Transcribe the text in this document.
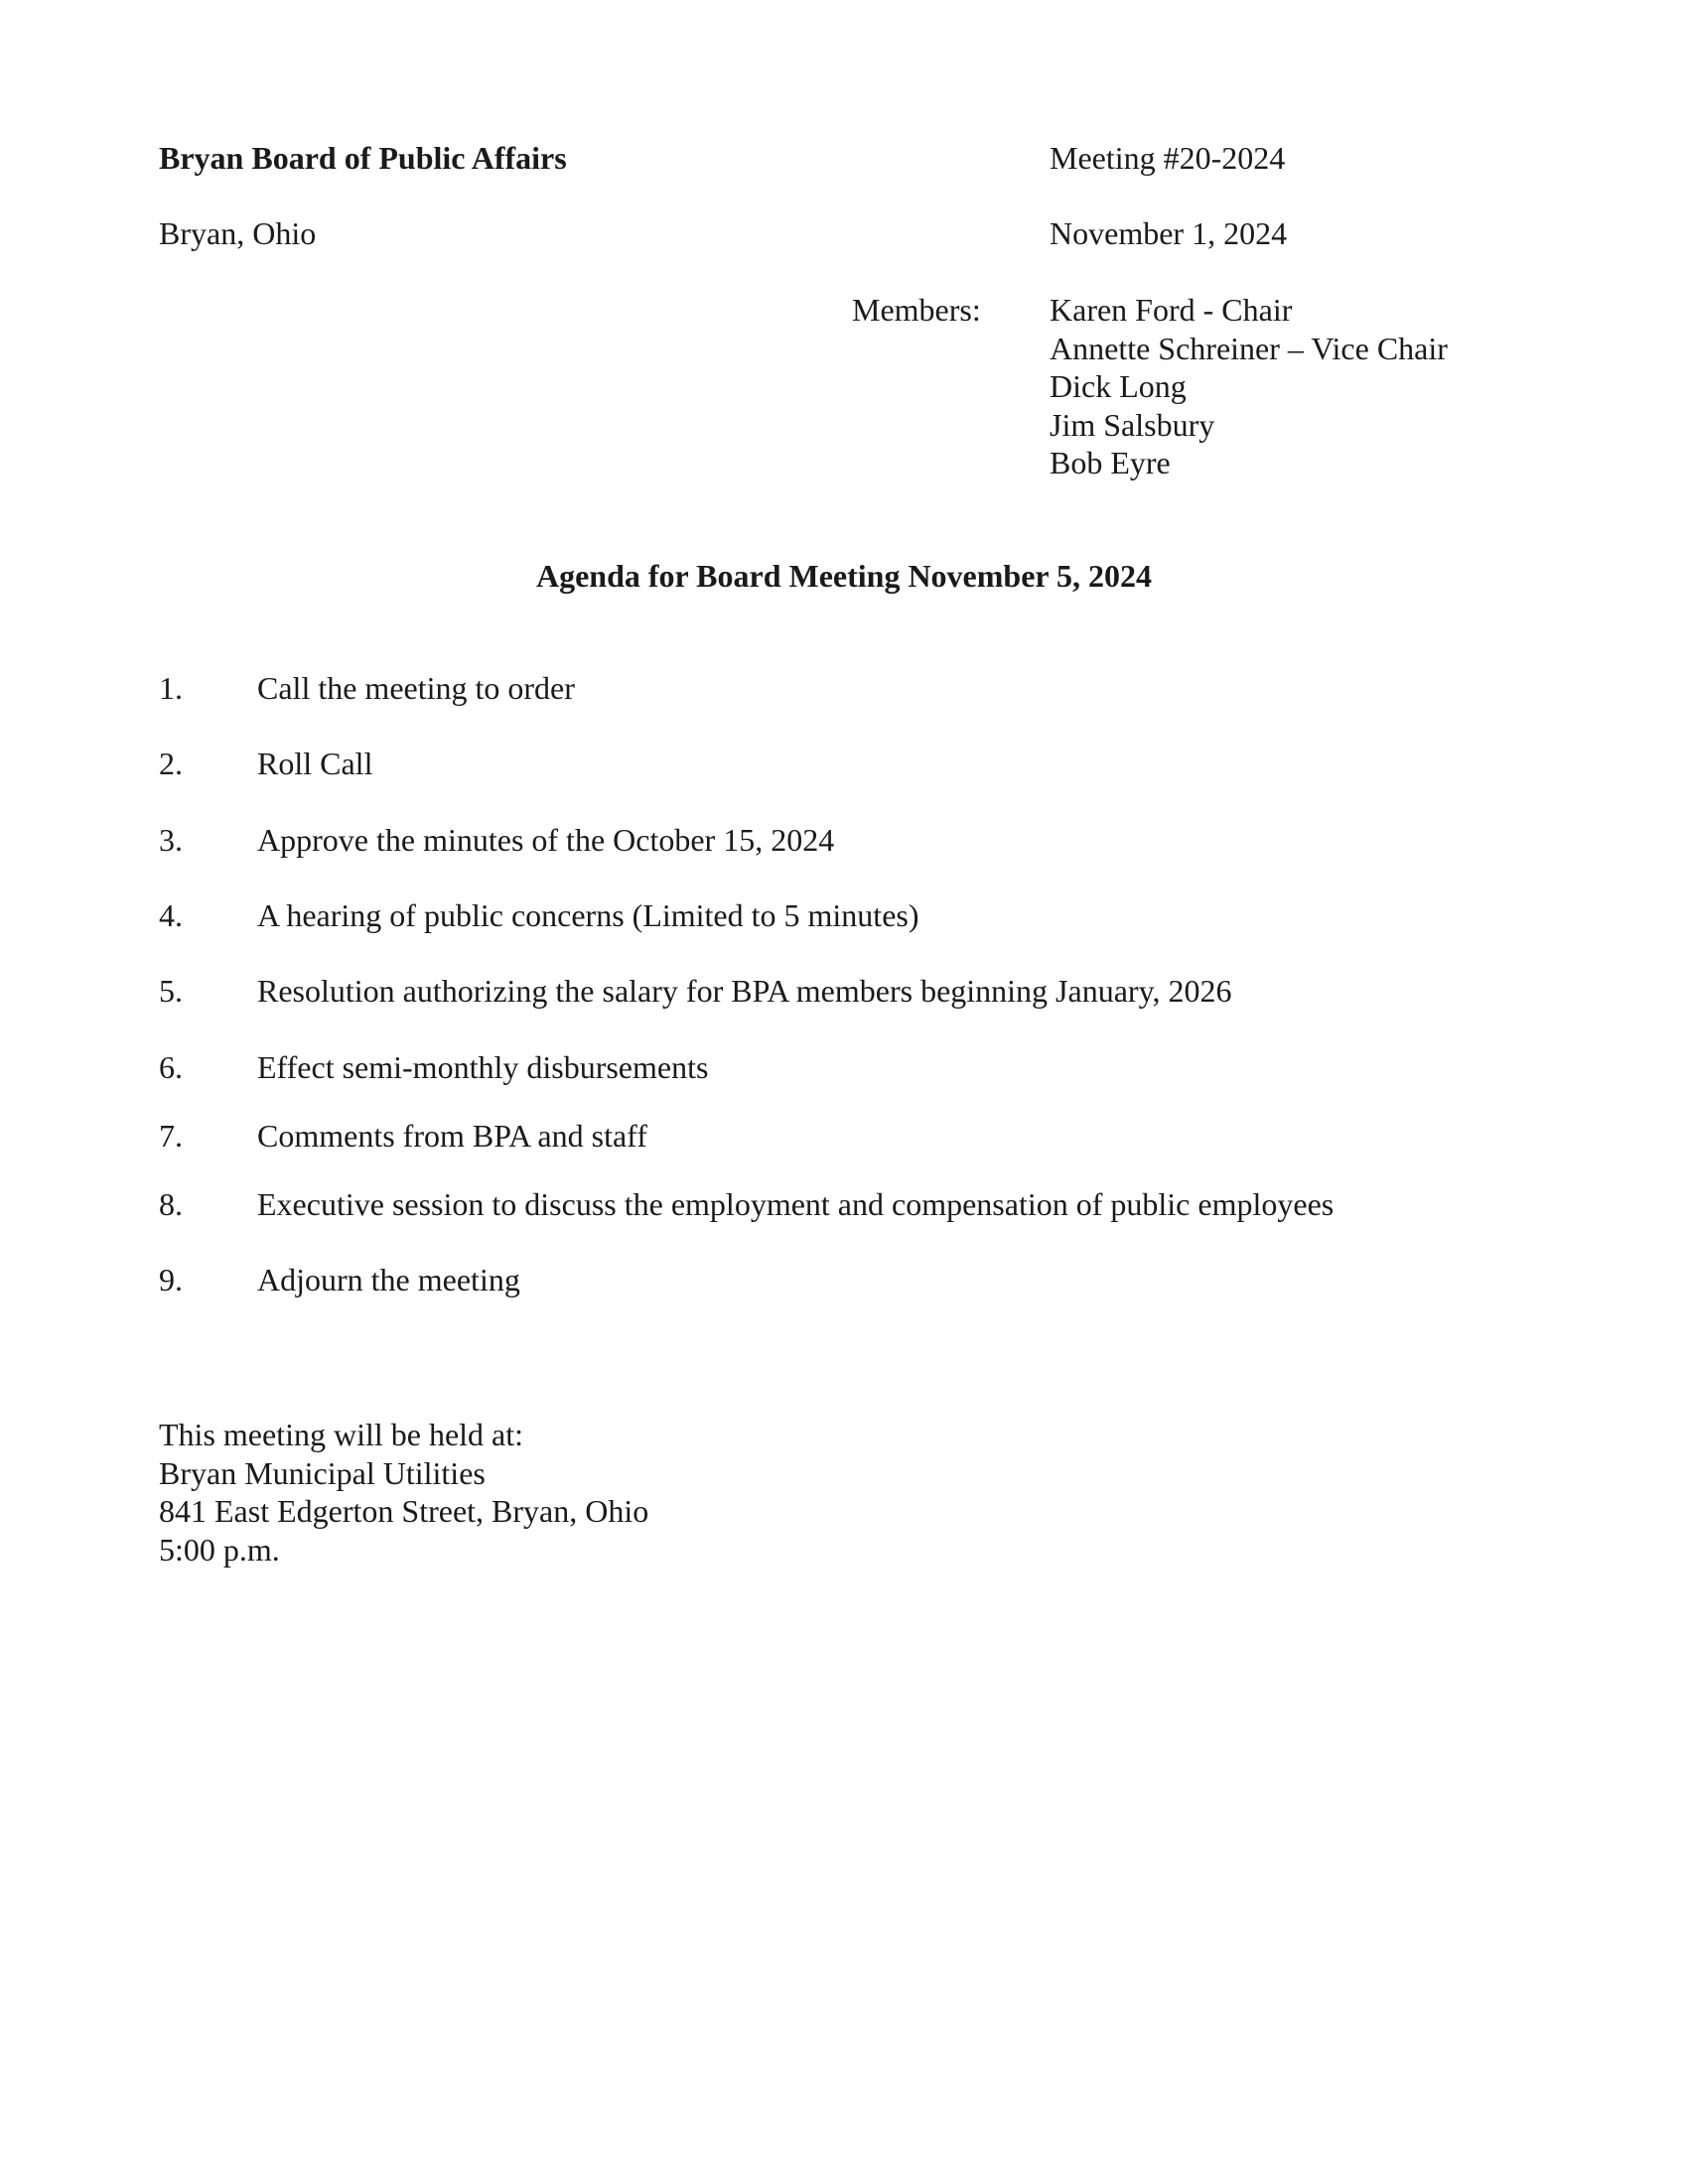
Bryan Board of Public Affairs
Bryan, Ohio
Meeting #20-2024
November 1, 2024
Members: Karen Ford - Chair
Annette Schreiner – Vice Chair
Dick Long
Jim Salsbury
Bob Eyre
Agenda for Board Meeting November 5, 2024
1. Call the meeting to order
2. Roll Call
3. Approve the minutes of the October 15, 2024
4. A hearing of public concerns (Limited to 5 minutes)
5. Resolution authorizing the salary for BPA members beginning January, 2026
6. Effect semi-monthly disbursements
7. Comments from BPA and staff
8. Executive session to discuss the employment and compensation of public employees
9. Adjourn the meeting
This meeting will be held at:
Bryan Municipal Utilities
841 East Edgerton Street, Bryan, Ohio
5:00 p.m.
